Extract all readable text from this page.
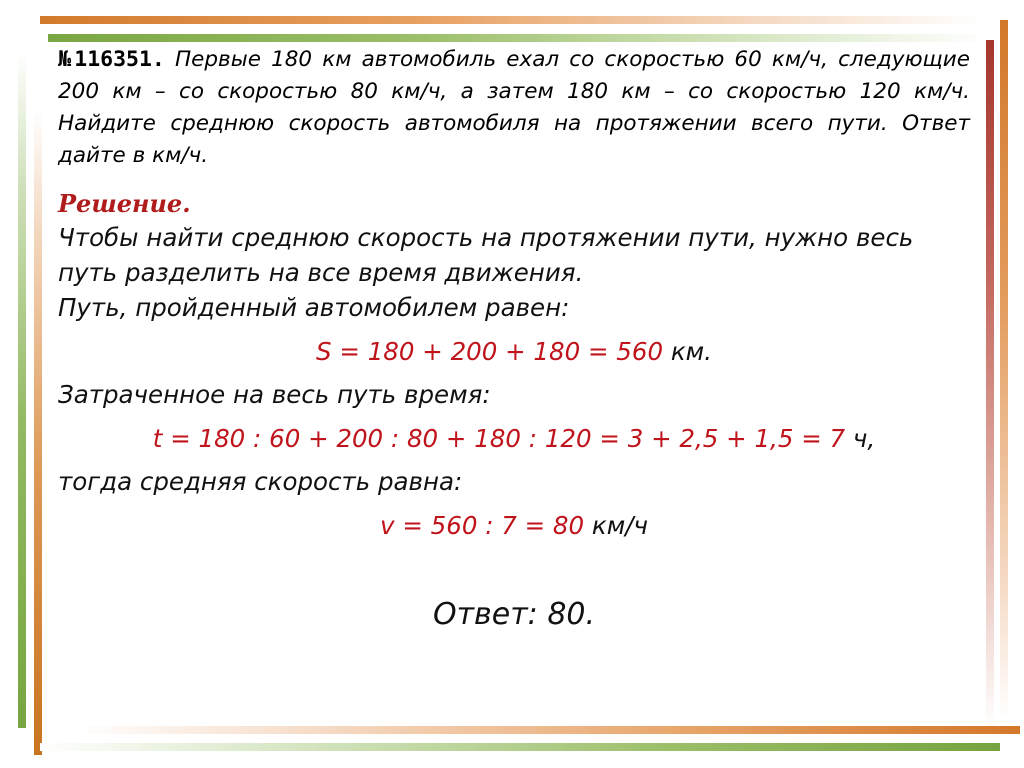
№116351. Первые 180 км автомобиль ехал со скоростью 60 км/ч, следующие 200 км – со скоростью 80 км/ч, а затем 180 км – со скоростью 120 км/ч. Найдите среднюю скорость автомобиля на протяжении всего пути. Ответ дайте в км/ч.

Решение.

Чтобы найти среднюю скорость на протяжении пути, нужно весь путь разделить на все время движения.

Путь, пройденный автомобилем равен:

S = 180 + 200 + 180 = 560 км.

Затраченное на весь путь время:

t = 180 : 60 + 200 : 80 + 180 : 120 = 3 + 2,5 + 1,5 = 7 ч,

тогда средняя скорость равна:

v = 560 : 7 = 80 км/ч
Ответ: 80.
